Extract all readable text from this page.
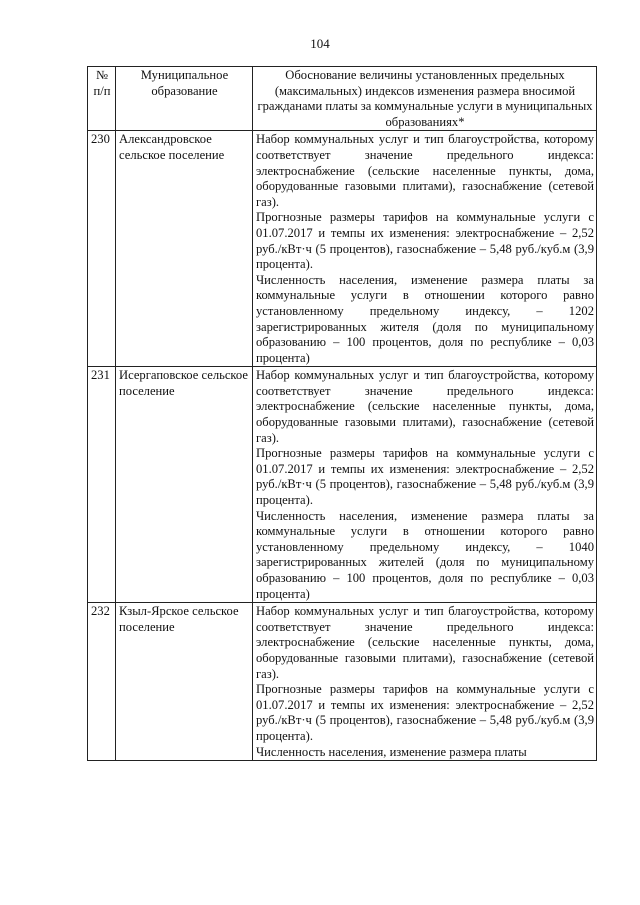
104
№ п/п	Муниципальное образование	Обоснование величины установленных предельных (максимальных) индексов изменения размера вносимой гражданами платы за коммунальные услуги в муниципальных образованиях*
230	Александровское сельское поселение	Набор коммунальных услуг и тип благоустройства, которому соответствует значение предельного индекса: электроснабжение (сельские населенные пункты, дома, оборудованные газовыми плитами), газоснабжение (сетевой газ).

Прогнозные размеры тарифов на коммунальные услуги с 01.07.2017 и темпы их изменения: электроснабжение – 2,52 руб./кВт·ч (5 процентов), газоснабжение – 5,48 руб./куб.м (3,9 процента).

Численность населения, изменение размера платы за коммунальные услуги в отношении которого равно установленному предельному индексу, – 1202 зарегистрированных жителя (доля по муниципальному образованию – 100 процентов, доля по республике – 0,03 процента)

231	Исергаповское сельское поселение	Набор коммунальных услуг и тип благоустройства, которому соответствует значение предельного индекса: электроснабжение (сельские населенные пункты, дома, оборудованные газовыми плитами), газоснабжение (сетевой газ).

Прогнозные размеры тарифов на коммунальные услуги с 01.07.2017 и темпы их изменения: электроснабжение – 2,52 руб./кВт·ч (5 процентов), газоснабжение – 5,48 руб./куб.м (3,9 процента).

Численность населения, изменение размера платы за коммунальные услуги в отношении которого равно установленному предельному индексу, – 1040 зарегистрированных жителей (доля по муниципальному образованию – 100 процентов, доля по республике – 0,03 процента)

232	Кзыл-Ярское сельское поселение	Набор коммунальных услуг и тип благоустройства, которому соответствует значение предельного индекса: электроснабжение (сельские населенные пункты, дома, оборудованные газовыми плитами), газоснабжение (сетевой газ).

Прогнозные размеры тарифов на коммунальные услуги с 01.07.2017 и темпы их изменения: электроснабжение – 2,52 руб./кВт·ч (5 процентов), газоснабжение – 5,48 руб./куб.м (3,9 процента).

Численность населения, изменение размера платы
